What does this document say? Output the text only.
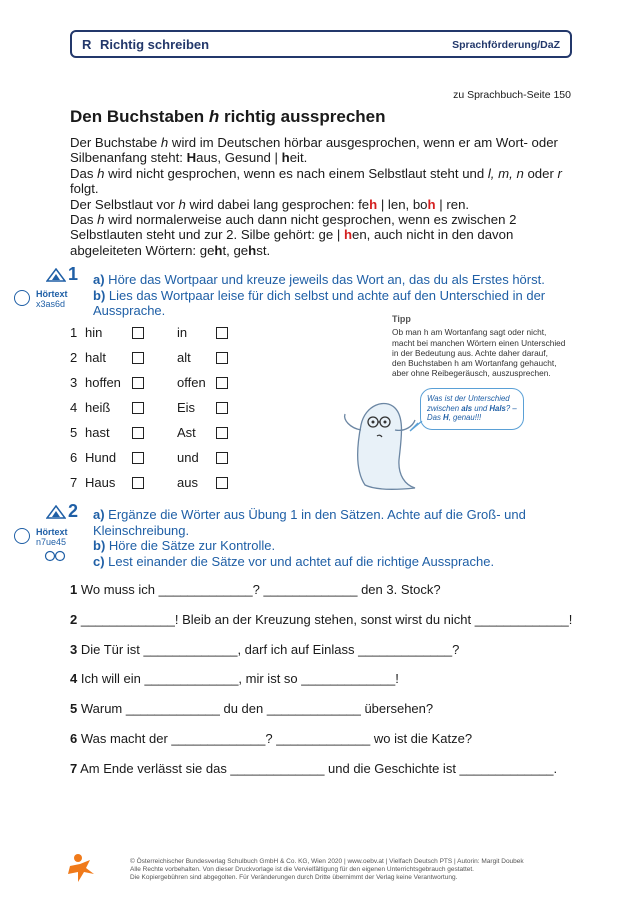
R Richtig schreiben	Sprachförderung/DaZ
zu Sprachbuch-Seite 150
Den Buchstaben h richtig aussprechen

Der Buchstabe h wird im Deutschen hörbar ausgesprochen, wenn er am Wort- oder

Silbenanfang steht: Haus, Gesund | heit.

Das h wird nicht gesprochen, wenn es nach einem Selbstlaut steht und l, m, n oder r

folgt.

Der Selbstlaut vor h wird dabei lang gesprochen: feh | len, boh | ren.

Das h wird normalerweise auch dann nicht gesprochen, wenn es zwischen 2

Selbstlauten steht und zur 2. Silbe gehört: ge | hen, auch nicht in den davon

abgeleiteten Wörtern: geht, gehst.

1
Hörtext
x3as6d
a) Höre das Wortpaar und kreuze jeweils das Wort an, das du als Erstes hörst.
b) Lies das Wortpaar leise für dich selbst und achte auf den Unterschied in der
Aussprache.
1 hin	in
2 halt	alt
3 hoffen	offen
4 heiß	Eis
5 hast	Ast
6 Hund	und
7 Haus	aus
Tipp
Ob man h am Wortanfang sagt oder nicht,
macht bei manchen Wörtern einen Unterschied
in der Bedeutung aus. Achte daher darauf,
den Buchstaben h am Wortanfang gehaucht,
aber ohne Reibegeräusch, auszusprechen.
Was ist der Unterschied
zwischen als und Hals? –
Das H, genau!!!
2
Hörtext
n7ue45
a) Ergänze die Wörter aus Übung 1 in den Sätzen. Achte auf die Groß- und
Kleinschreibung.
b) Höre die Sätze zur Kontrolle.
c) Lest einander die Sätze vor und achtet auf die richtige Aussprache.
1 Wo muss ich _____________? _____________ den 3. Stock?
2 _____________! Bleib an der Kreuzung stehen, sonst wirst du nicht _____________!
3 Die Tür ist _____________, darf ich auf Einlass _____________?
4 Ich will ein _____________, mir ist so _____________!
5 Warum _____________ du den _____________ übersehen?
6 Was macht der _____________? _____________ wo ist die Katze?
7 Am Ende verlässt sie das _____________ und die Geschichte ist _____________.
© Österreichischer Bundesverlag Schulbuch GmbH & Co. KG, Wien 2020 | www.oebv.at | Vielfach Deutsch PTS | Autorin: Margit Doubek
Alle Rechte vorbehalten. Von dieser Druckvorlage ist die Vervielfältigung für den eigenen Unterrichtsgebrauch gestattet.
Die Kopiergebühren sind abgegolten. Für Veränderungen durch Dritte übernimmt der Verlag keine Verantwortung.
